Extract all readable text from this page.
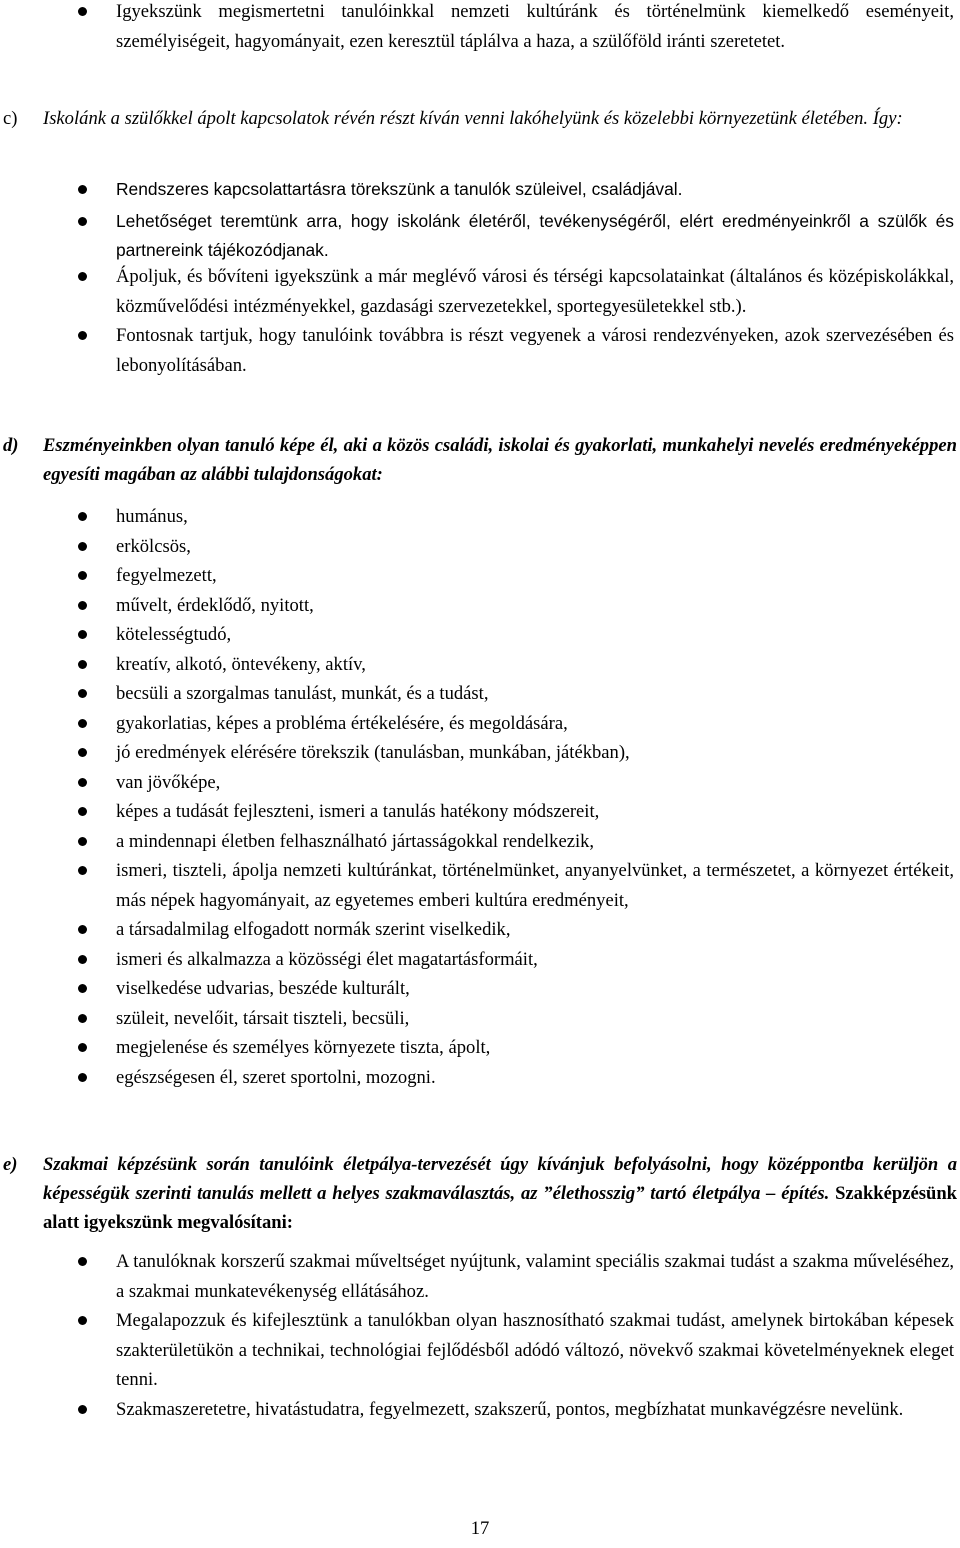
Igyekszünk megismertetni tanulóinkkal nemzeti kultúránk és történelmünk kiemelkedő eseményeit, személyiségeit, hagyományait, ezen keresztül táplálva a haza, a szülőföld iránti szeretetet.
c)	Iskolánk a szülőkkel ápolt kapcsolatok révén részt kíván venni lakóhelyünk és közelebbi környezetünk életében. Így:
Rendszeres kapcsolattartásra törekszünk a tanulók szüleivel, családjával.
Lehetőséget teremtünk arra, hogy iskolánk életéről, tevékenységéről, elért eredményeinkről a szülők és partnereink tájékozódjanak.
Ápoljuk, és bővíteni igyekszünk a már meglévő városi és térségi kapcsolatainkat (általános és középiskolákkal, közművelődési intézményekkel, gazdasági szervezetekkel, sportegyesületekkel stb.).
Fontosnak tartjuk, hogy tanulóink továbbra is részt vegyenek a városi rendezvényeken, azok szervezésében és lebonyolításában.
d)	Eszményeinkben olyan tanuló képe él, aki a közös családi, iskolai és gyakorlati, munkahelyi nevelés eredményeképpen egyesíti magában az alábbi tulajdonságokat:
humánus,
erkölcsös,
fegyelmezett,
művelt, érdeklődő, nyitott,
kötelességtudó,
kreatív, alkotó, öntevékeny, aktív,
becsüli a szorgalmas tanulást, munkát, és a tudást,
gyakorlatias, képes a probléma értékelésére, és megoldására,
jó eredmények elérésére törekszik (tanulásban, munkában, játékban),
van jövőképe,
képes a tudását fejleszteni, ismeri a tanulás hatékony módszereit,
a mindennapi életben felhasználható jártasságokkal rendelkezik,
ismeri, tiszteli, ápolja nemzeti kultúránkat, történelmünket, anyanyelvünket, a természetet, a környezet értékeit, más népek hagyományait, az egyetemes emberi kultúra eredményeit,
a társadalmilag elfogadott normák szerint viselkedik,
ismeri és alkalmazza a közösségi élet magatartásformáit,
viselkedése udvarias, beszéde kulturált,
szüleit, nevelőit, társait tiszteli, becsüli,
megjelenése és személyes környezete tiszta, ápolt,
egészségesen él, szeret sportolni, mozogni.
e)	Szakmai képzésünk során tanulóink életpálya-tervezését úgy kívánjuk befolyásolni, hogy középpontba kerüljön a képességük szerinti tanulás mellett a helyes szakmaválasztás, az ”élethosszig” tartó életpálya – építés. Szakképzésünk alatt igyekszünk megvalósítani:
A tanulóknak korszerű szakmai műveltséget nyújtunk, valamint speciális szakmai tudást a szakma műveléséhez, a szakmai munkatevékenység ellátásához.
Megalapozzuk és kifejlesztünk a tanulókban olyan hasznosítható szakmai tudást, amelynek birtokában képesek szakterületükön a technikai, technológiai fejlődésből adódó változó, növekvő szakmai követelményeknek eleget tenni.
Szakmaszeretetre, hivatástudatra, fegyelmezett, szakszerű, pontos, megbízhatat munkavégzésre nevelünk.
17
